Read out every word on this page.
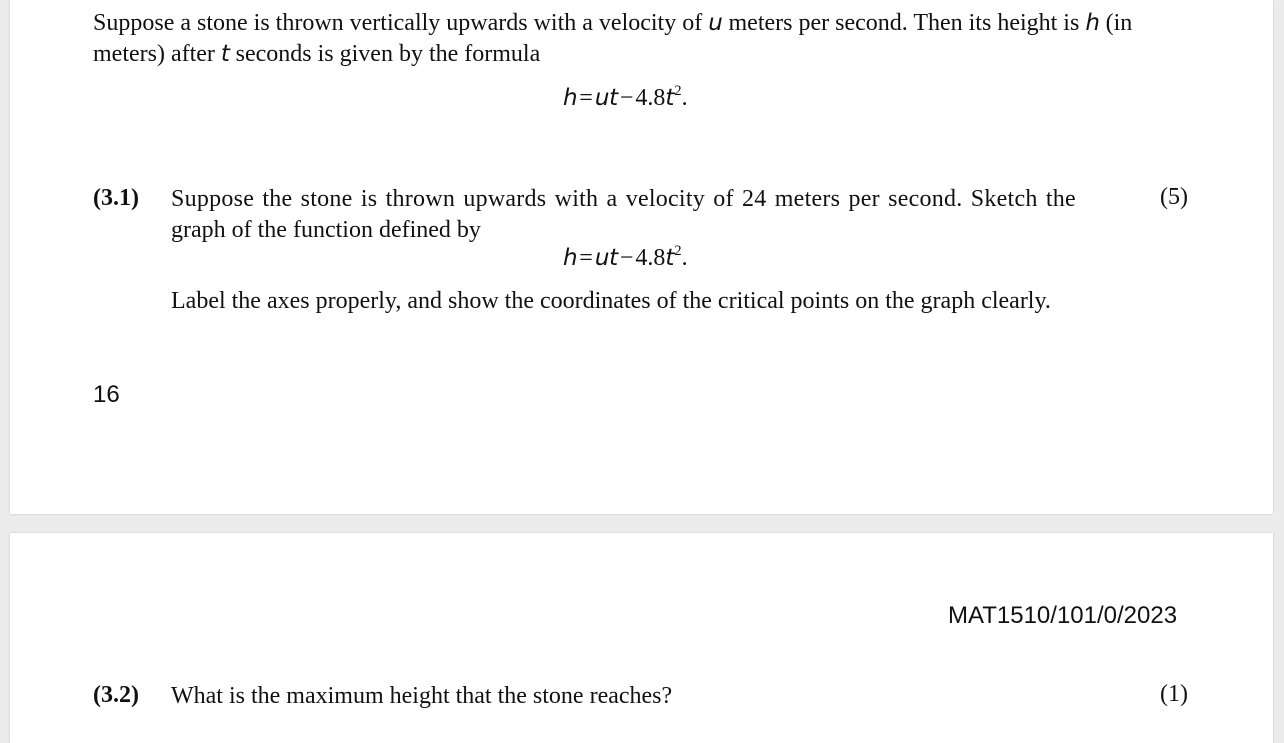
Suppose a stone is thrown vertically upwards with a velocity of u meters per second. Then its height is h (in
meters) after t seconds is given by the formula
$h=ut-4.8t^2$.
(3.1) Suppose the stone is thrown upwards with a velocity of 24 meters per second. Sketch the	(5)
graph of the function defined by
$h=ut-4.8t^2$.
Label the axes properly, and show the coordinates of the critical points on the graph clearly.
16
MAT1510/101/0/2023
(3.2) What is the maximum height that the stone reaches?	(1)
